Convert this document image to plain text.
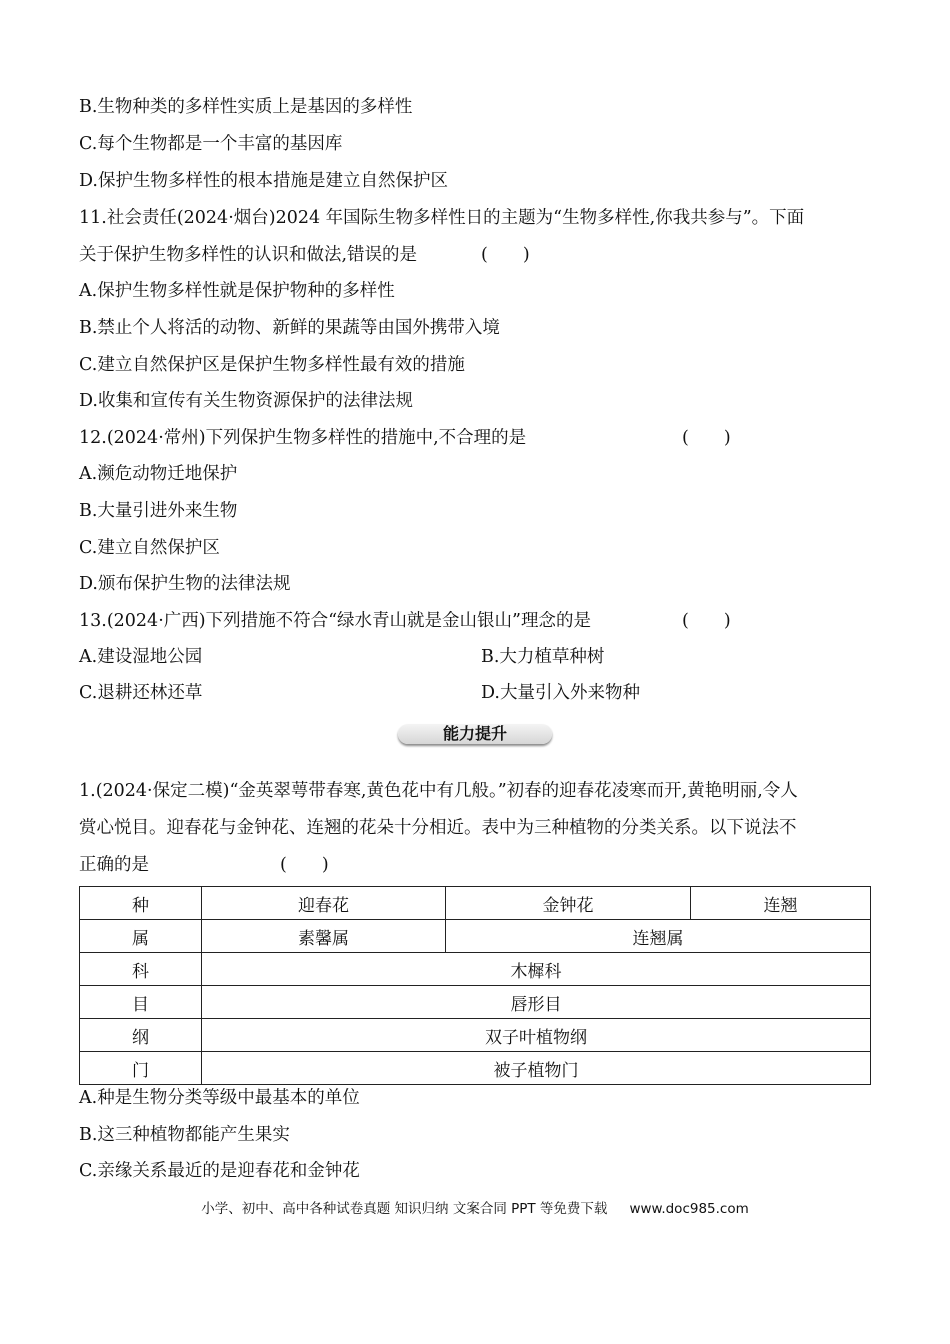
B.生物种类的多样性实质上是基因的多样性
C.每个生物都是一个丰富的基因库
D.保护生物多样性的根本措施是建立自然保护区
11.社会责任(2024·烟台)2024 年国际生物多样性日的主题为“生物多样性,你我共参与”。下面
关于保护生物多样性的认识和做法,错误的是	(　　)
A.保护生物多样性就是保护物种的多样性
B.禁止个人将活的动物、新鲜的果蔬等由国外携带入境
C.建立自然保护区是保护生物多样性最有效的措施
D.收集和宣传有关生物资源保护的法律法规
12.(2024·常州)下列保护生物多样性的措施中,不合理的是	(　　)
A.濒危动物迁地保护
B.大量引进外来生物
C.建立自然保护区
D.颁布保护生物的法律法规
13.(2024·广西)下列措施不符合“绿水青山就是金山银山”理念的是	(　　)
A.建设湿地公园	B.大力植草种树
C.退耕还林还草	D.大量引入外来物种
能力提升
1.(2024·保定二模)“金英翠萼带春寒,黄色花中有几般。”初春的迎春花凌寒而开,黄艳明丽,令人
赏心悦目。迎春花与金钟花、连翘的花朵十分相近。表中为三种植物的分类关系。以下说法不
正确的是	(　　)
种	迎春花	金钟花	连翘
属	素馨属	连翘属	
科	木樨科		
目	唇形目		
纲	双子叶植物纲		
门	被子植物门		
A.种是生物分类等级中最基本的单位
B.这三种植物都能产生果实
C.亲缘关系最近的是迎春花和金钟花
小学、初中、高中各种试卷真题 知识归纳 文案合同 PPT 等免费下载 www.doc985.com
